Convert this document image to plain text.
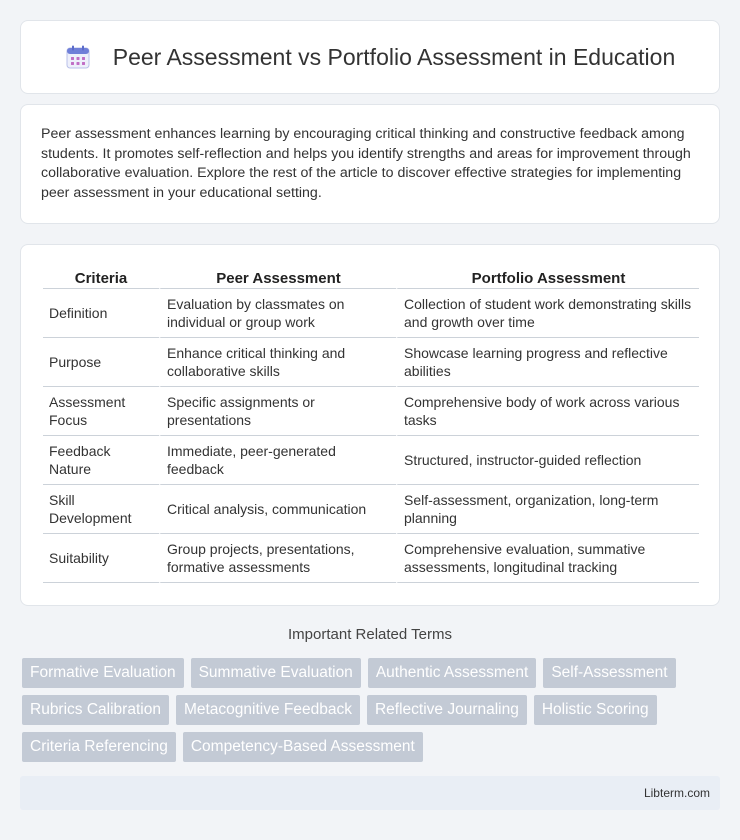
Peer Assessment vs Portfolio Assessment in Education

Peer assessment enhances learning by encouraging critical thinking and constructive feedback among students. It promotes self-reflection and helps you identify strengths and areas for improvement through collaborative evaluation. Explore the rest of the article to discover effective strategies for implementing peer assessment in your educational setting.

Criteria	Peer Assessment	Portfolio Assessment
Definition	Evaluation by classmates on individual or group work	Collection of student work demonstrating skills and growth over time
Purpose	Enhance critical thinking and collaborative skills	Showcase learning progress and reflective abilities
Assessment Focus	Specific assignments or presentations	Comprehensive body of work across various tasks
Feedback Nature	Immediate, peer-generated feedback	Structured, instructor-guided reflection
Skill Development	Critical analysis, communication	Self-assessment, organization, long-term planning
Suitability	Group projects, presentations, formative assessments	Comprehensive evaluation, summative assessments, longitudinal tracking
Important Related Terms
Formative Evaluation	Summative Evaluation	Authentic Assessment	Self-Assessment
Rubrics Calibration	Metacognitive Feedback	Reflective Journaling	Holistic Scoring
Criteria Referencing	Competency-Based Assessment
Libterm.com
